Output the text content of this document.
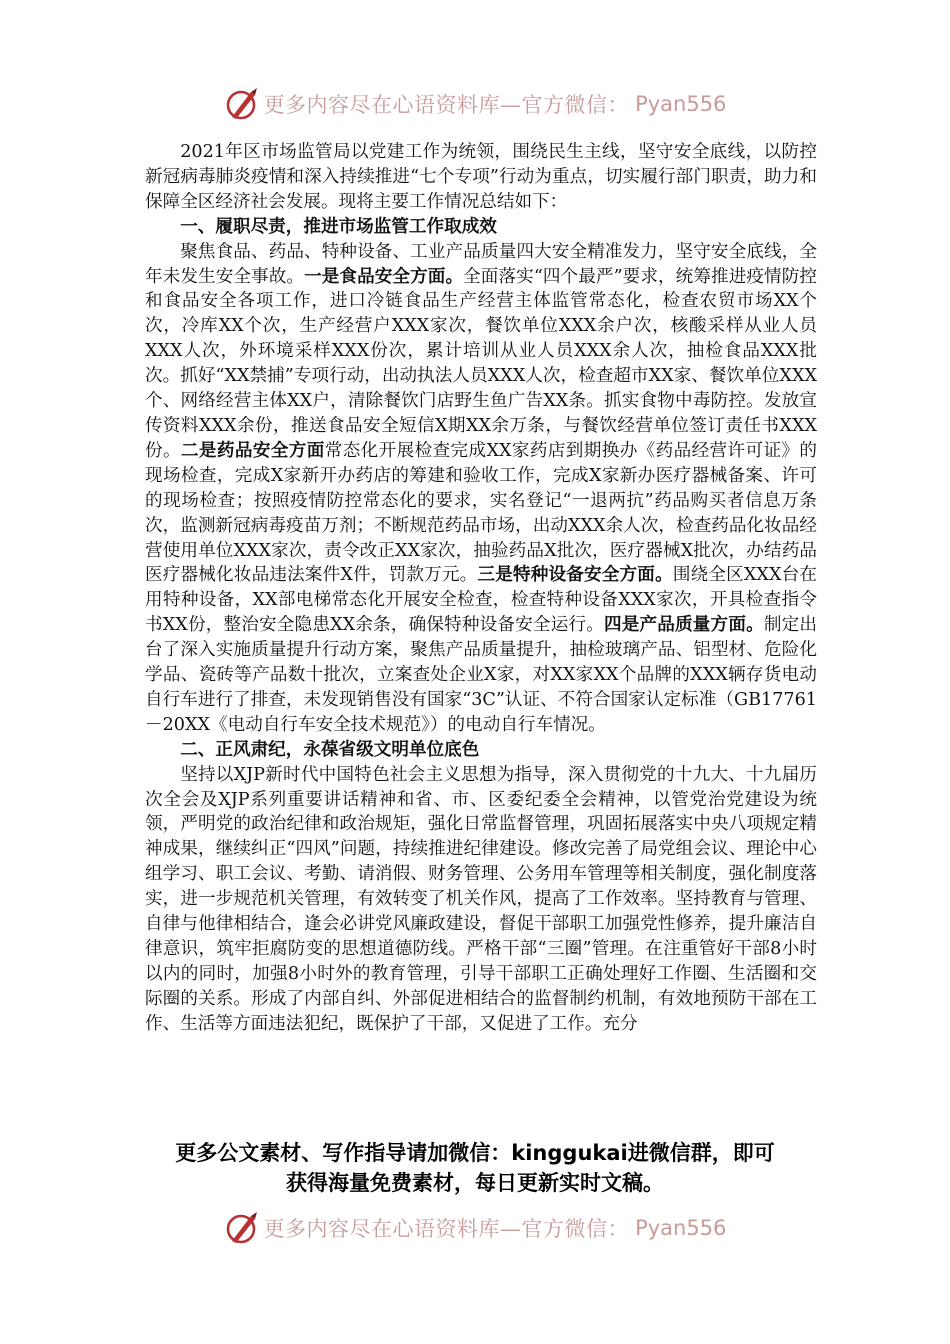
更多内容尽在心语资料库—官方微信： Pyan556

2021年区市场监管局以党建工作为统领，围绕民生主线，坚守安全底线，以防控新冠病毒肺炎疫情和深入持续推进“七个专项”行动为重点，切实履行部门职责，助力和保障全区经济社会发展。现将主要工作情况总结如下：

一、履职尽责，推进市场监管工作取成效

聚焦食品、药品、特种设备、工业产品质量四大安全精准发力，坚守安全底线，全年未发生安全事故。一是食品安全方面。全面落实“四个最严”要求，统筹推进疫情防控和食品安全各项工作，进口冷链食品生产经营主体监管常态化，检查农贸市场XX个次，冷库XX个次，生产经营户XXX家次，餐饮单位XXX余户次，核酸采样从业人员XXX人次，外环境采样XXX份次，累计培训从业人员XXX余人次，抽检食品XXX批次。抓好“XX禁捕”专项行动，出动执法人员XXX人次，检查超市XX家、餐饮单位XXX个、网络经营主体XX户，清除餐饮门店野生鱼广告XX条。抓实食物中毒防控。发放宣传资料XXX余份，推送食品安全短信X期XX余万条，与餐饮经营单位签订责任书XXX份。二是药品安全方面常态化开展检查完成XX家药店到期换办《药品经营许可证》的现场检查，完成X家新开办药店的筹建和验收工作，完成X家新办医疗器械备案、许可的现场检查；按照疫情防控常态化的要求，实名登记“一退两抗”药品购买者信息万条次，监测新冠病毒疫苗万剂；不断规范药品市场，出动XXX余人次，检查药品化妆品经营使用单位XXX家次，责令改正XX家次，抽验药品X批次，医疗器械X批次，办结药品医疗器械化妆品违法案件X件，罚款万元。三是特种设备安全方面。围绕全区XXX台在用特种设备，XX部电梯常态化开展安全检查，检查特种设备XXX家次，开具检查指令书XX份，整治安全隐患XX余条，确保特种设备安全运行。四是产品质量方面。制定出台了深入实施质量提升行动方案，聚焦产品质量提升，抽检玻璃产品、铝型材、危险化学品、瓷砖等产品数十批次，立案查处企业X家，对XX家XX个品牌的XXX辆存货电动自行车进行了排查，未发现销售没有国家“3C”认证、不符合国家认定标准（GB17761－20XX《电动自行车安全技术规范》）的电动自行车情况。

二、正风肃纪，永葆省级文明单位底色

坚持以XJP新时代中国特色社会主义思想为指导，深入贯彻党的十九大、十九届历次全会及XJP系列重要讲话精神和省、市、区委纪委全会精神，以管党治党建设为统领，严明党的政治纪律和政治规矩，强化日常监督管理，巩固拓展落实中央八项规定精神成果，继续纠正“四风”问题，持续推进纪律建设。修改完善了局党组会议、理论中心组学习、职工会议、考勤、请消假、财务管理、公务用车管理等相关制度，强化制度落实，进一步规范机关管理，有效转变了机关作风，提高了工作效率。坚持教育与管理、自律与他律相结合，逢会必讲党风廉政建设，督促干部职工加强党性修养，提升廉洁自律意识，筑牢拒腐防变的思想道德防线。严格干部“三圈”管理。在注重管好干部8小时以内的同时，加强8小时外的教育管理，引导干部职工正确处理好工作圈、生活圈和交际圈的关系。形成了内部自纠、外部促进相结合的监督制约机制，有效地预防干部在工作、生活等方面违法犯纪，既保护了干部，又促进了工作。充分

更多公文素材、写作指导请加微信：kinggukai进微信群，即可
获得海量免费素材，每日更新实时文稿。
更多内容尽在心语资料库—官方微信： Pyan556
